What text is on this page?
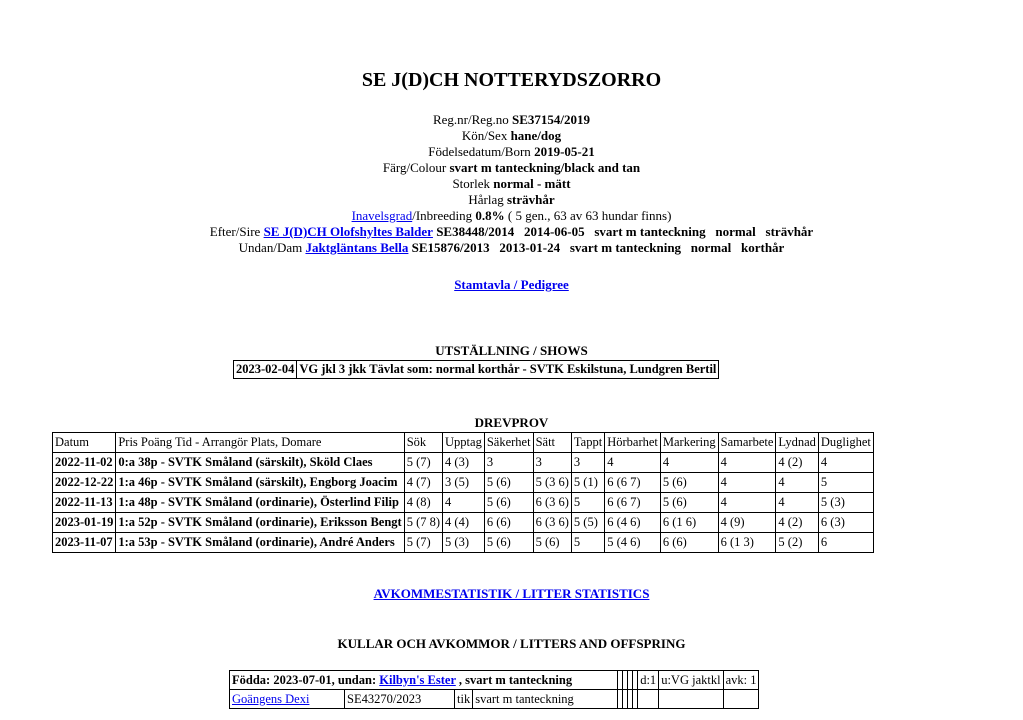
SE J(D)CH NOTTERYDSZORRO
Reg.nr/Reg.no SE37154/2019
Kön/Sex hane/dog
Födelsedatum/Born 2019-05-21
Färg/Colour svart m tanteckning/black and tan
Storlek normal - mätt
Hårlag strävhår
Inavelsgrad/Inbreeding 0.8% ( 5 gen., 63 av 63 hundar finns)
Efter/Sire SE J(D)CH Olofshyltes Balder SE38448/2014   2014-06-05   svart m tanteckning   normal   strävhår
Undan/Dam Jaktgläntans Bella SE15876/2013   2013-01-24   svart m tanteckning   normal   korthår
Stamtavla / Pedigree
UTSTÄLLNING / SHOWS
2023-02-04	VG jkl 3 jkk Tävlat som: normal korthår - SVTK Eskilstuna, Lundgren Bertil
DREVPROV
Datum	Pris Poäng Tid - Arrangör Plats, Domare	Sök	Upptag	Säkerhet	Sätt	Tappt	Hörbarhet	Markering	Samarbete	Lydnad	Duglighet
2022-11-02	0:a 38p - SVTK Småland (särskilt), Sköld Claes	5 (7)	4 (3)	3	3	3	4	4	4	4 (2)	4
2022-12-22	1:a 46p - SVTK Småland (särskilt), Engborg Joacim	4 (7)	3 (5)	5 (6)	5 (3 6)	5 (1)	6 (6 7)	5 (6)	4	4	5
2022-11-13	1:a 48p - SVTK Småland (ordinarie), Österlind Filip	4 (8)	4	5 (6)	6 (3 6)	5	6 (6 7)	5 (6)	4	4	5 (3)
2023-01-19	1:a 52p - SVTK Småland (ordinarie), Eriksson Bengt	5 (7 8)	4 (4)	6 (6)	6 (3 6)	5 (5)	6 (4 6)	6 (1 6)	4 (9)	4 (2)	6 (3)
2023-11-07	1:a 53p - SVTK Småland (ordinarie), André Anders	5 (7)	5 (3)	5 (6)	5 (6)	5	5 (4 6)	6 (6)	6 (1 3)	5 (2)	6
AVKOMMESTATISTIK / LITTER STATISTICS
KULLAR OCH AVKOMMOR / LITTERS AND OFFSPRING
Födda: 2023-07-01, undan: Kilbyn's Ester , svart m tanteckning								d:1	u:VG jaktkl	avk: 1
Goängens Dexi	SE43270/2023	tik	svart m tanteckning							
